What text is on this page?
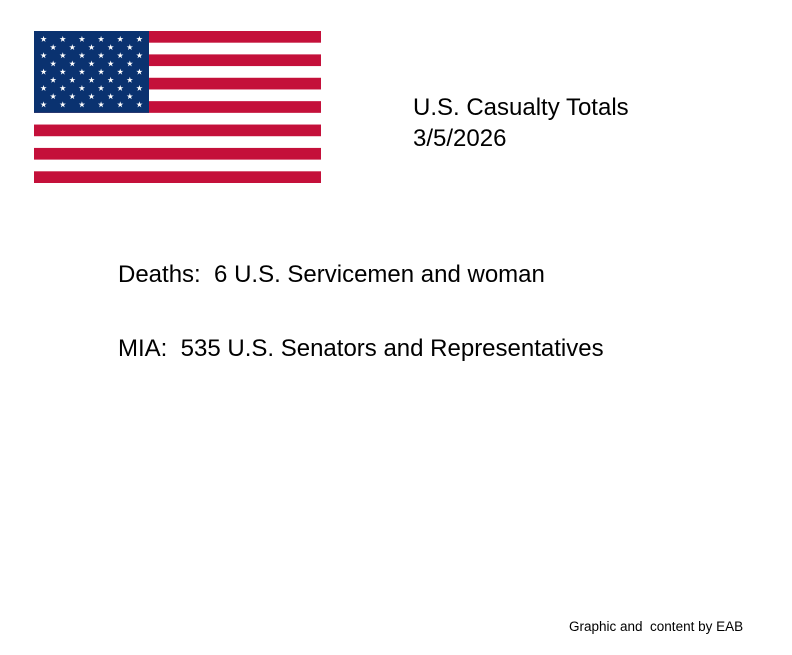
U.S. Casualty Totals
3/5/2026
Deaths:  6 U.S. Servicemen and woman
MIA:  535 U.S. Senators and Representatives
Graphic and  content by EAB
